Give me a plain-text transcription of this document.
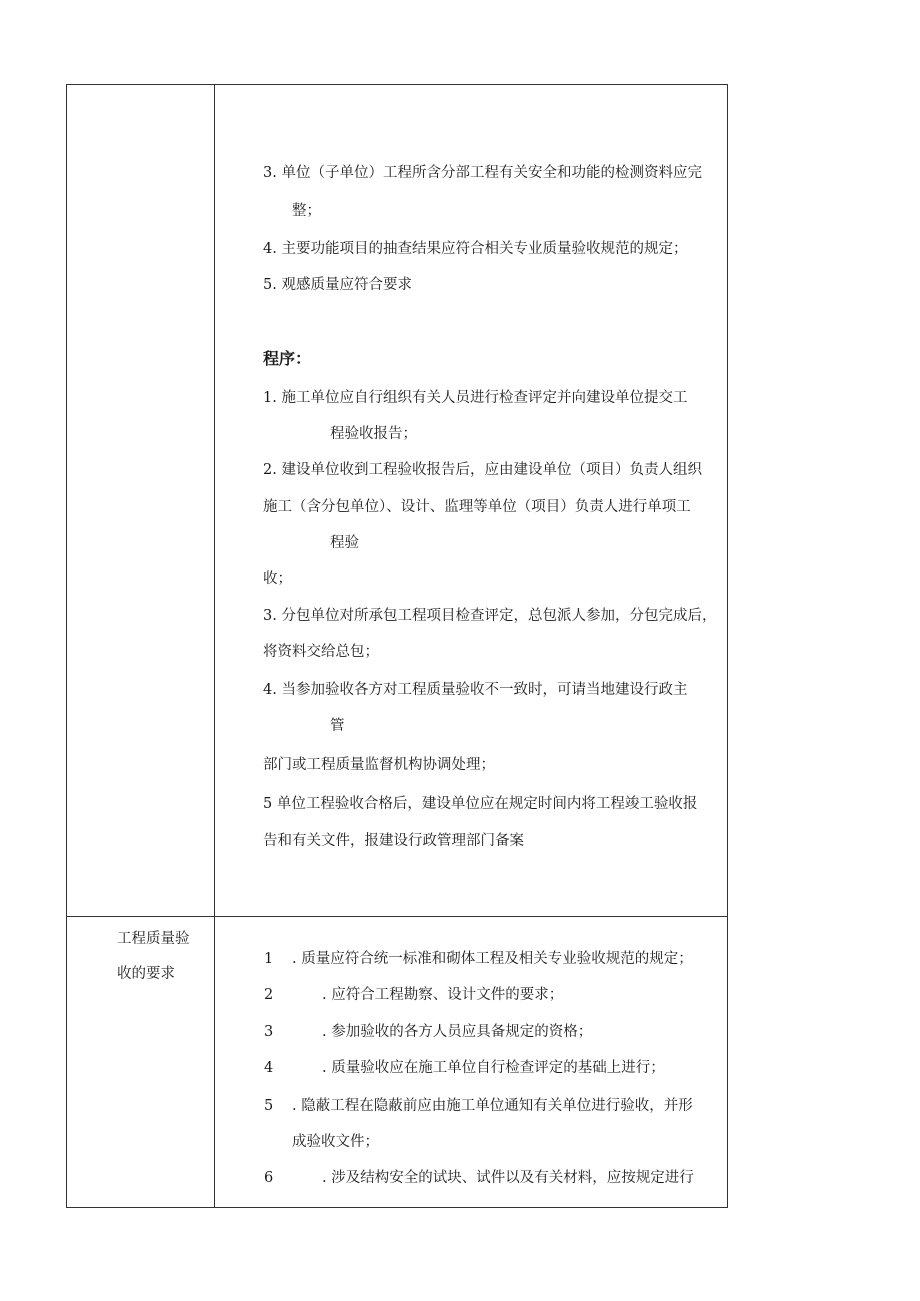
3. 单位（子单位）工程所含分部工程有关安全和功能的检测资料应完
整；
4. 主要功能项目的抽查结果应符合相关专业质量验收规范的规定；
5. 观感质量应符合要求
程序：
1. 施工单位应自行组织有关人员进行检查评定并向建设单位提交工
程验收报告；
2. 建设单位收到工程验收报告后，应由建设单位（项目）负责人组织
施工（含分包单位）、设计、监理等单位（项目）负责人进行单项工
程验
收；
3. 分包单位对所承包工程项目检查评定，总包派人参加，分包完成后，
将资料交给总包；
4. 当参加验收各方对工程质量验收不一致时，可请当地建设行政主
管
部门或工程质量监督机构协调处理；
5 单位工程验收合格后，建设单位应在规定时间内将工程竣工验收报
告和有关文件，报建设行政管理部门备案
工程质量验
收的要求
1 . 质量应符合统一标准和砌体工程及相关专业验收规范的规定；
2	. 应符合工程勘察、设计文件的要求；
3	. 参加验收的各方人员应具备规定的资格；
4	. 质量验收应在施工单位自行检查评定的基础上进行；
5 . 隐蔽工程在隐蔽前应由施工单位通知有关单位进行验收，并形
成验收文件；
6	. 涉及结构安全的试块、试件以及有关材料，应按规定进行
